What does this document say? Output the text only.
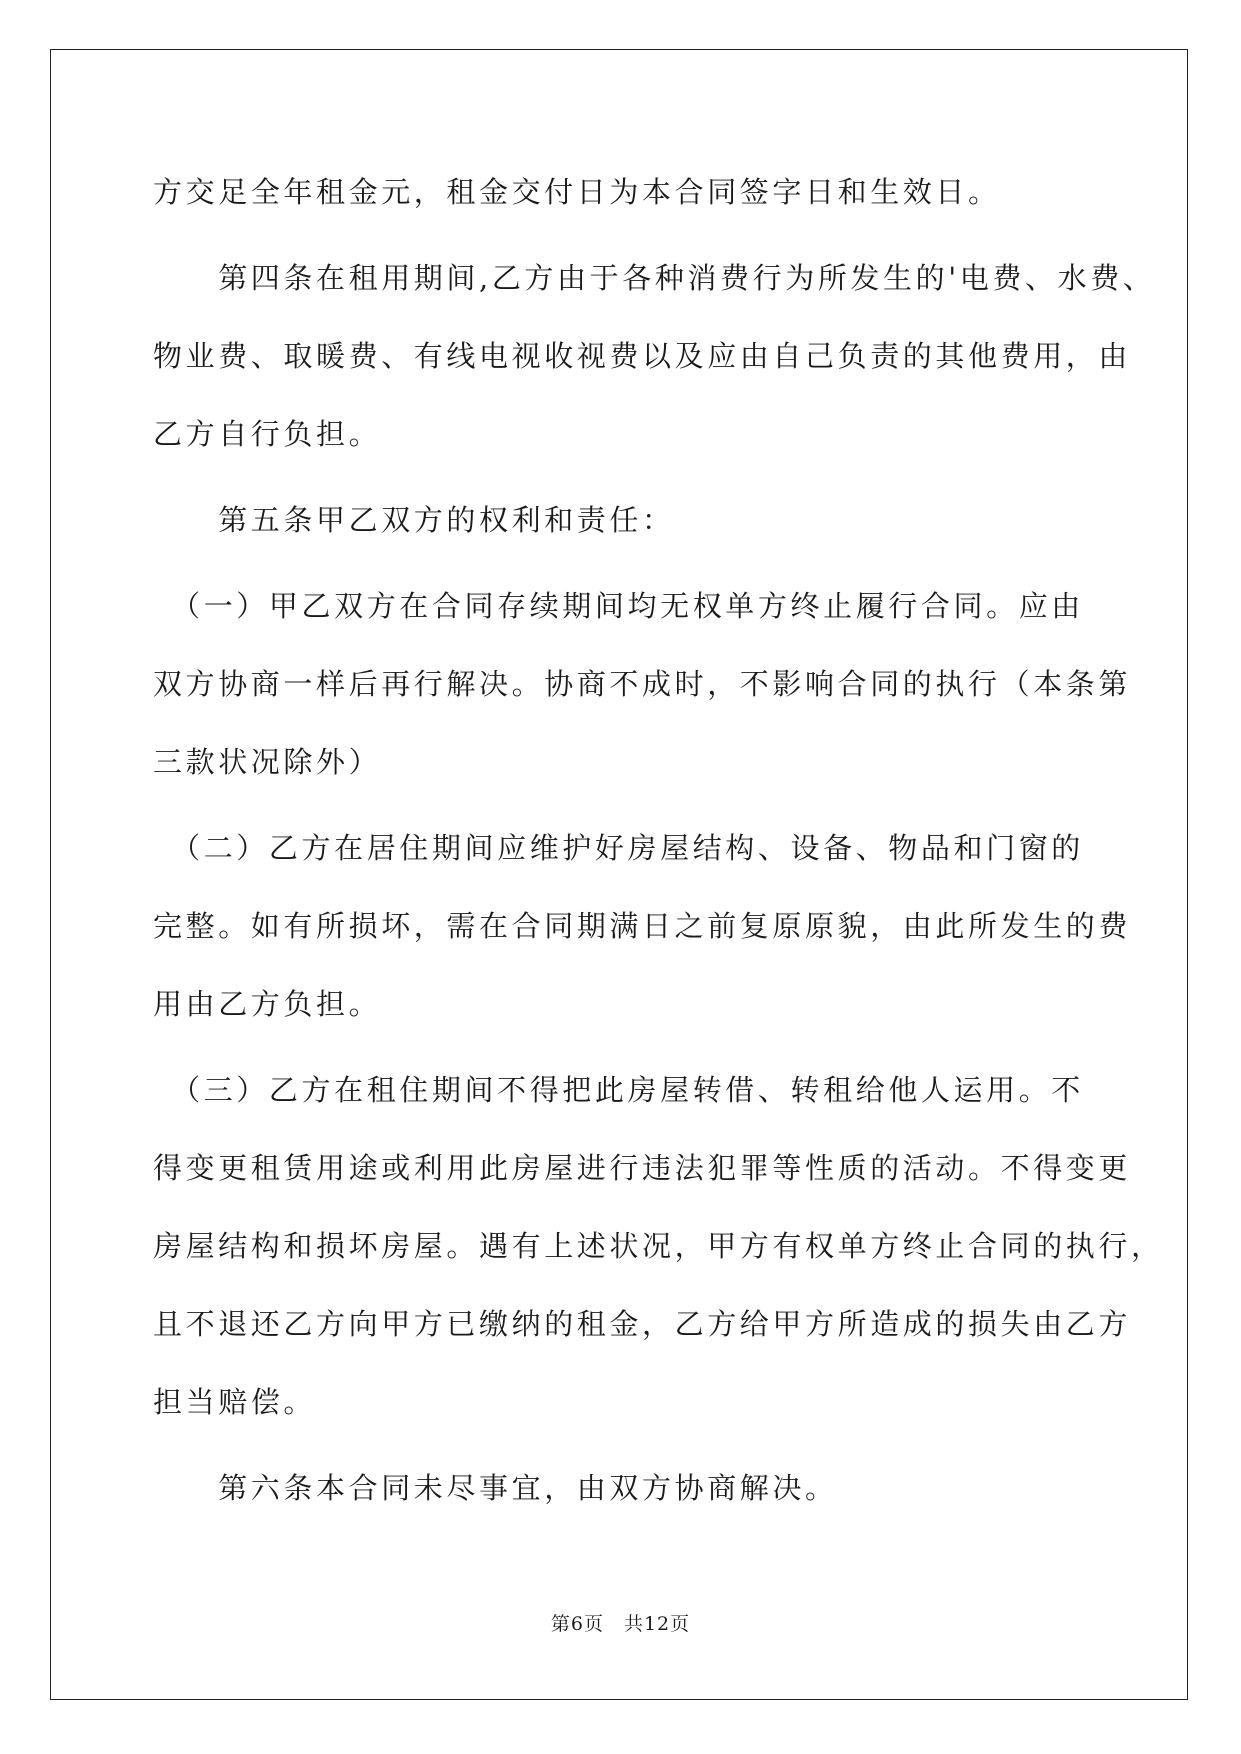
方交足全年租金元，租金交付日为本合同签字日和生效日。
　　第四条在租用期间,乙方由于各种消费行为所发生的'电费、水费、
物业费、取暖费、有线电视收视费以及应由自己负责的其他费用，由
乙方自行负担。
　　第五条甲乙双方的权利和责任：
　（一）甲乙双方在合同存续期间均无权单方终止履行合同。应由
双方协商一样后再行解决。协商不成时，不影响合同的执行（本条第
三款状况除外）
　（二）乙方在居住期间应维护好房屋结构、设备、物品和门窗的
完整。如有所损坏，需在合同期满日之前复原原貌，由此所发生的费
用由乙方负担。
　（三）乙方在租住期间不得把此房屋转借、转租给他人运用。不
得变更租赁用途或利用此房屋进行违法犯罪等性质的活动。不得变更
房屋结构和损坏房屋。遇有上述状况，甲方有权单方终止合同的执行，
且不退还乙方向甲方已缴纳的租金，乙方给甲方所造成的损失由乙方
担当赔偿。
　　第六条本合同未尽事宜，由双方协商解决。
第6页　共12页
